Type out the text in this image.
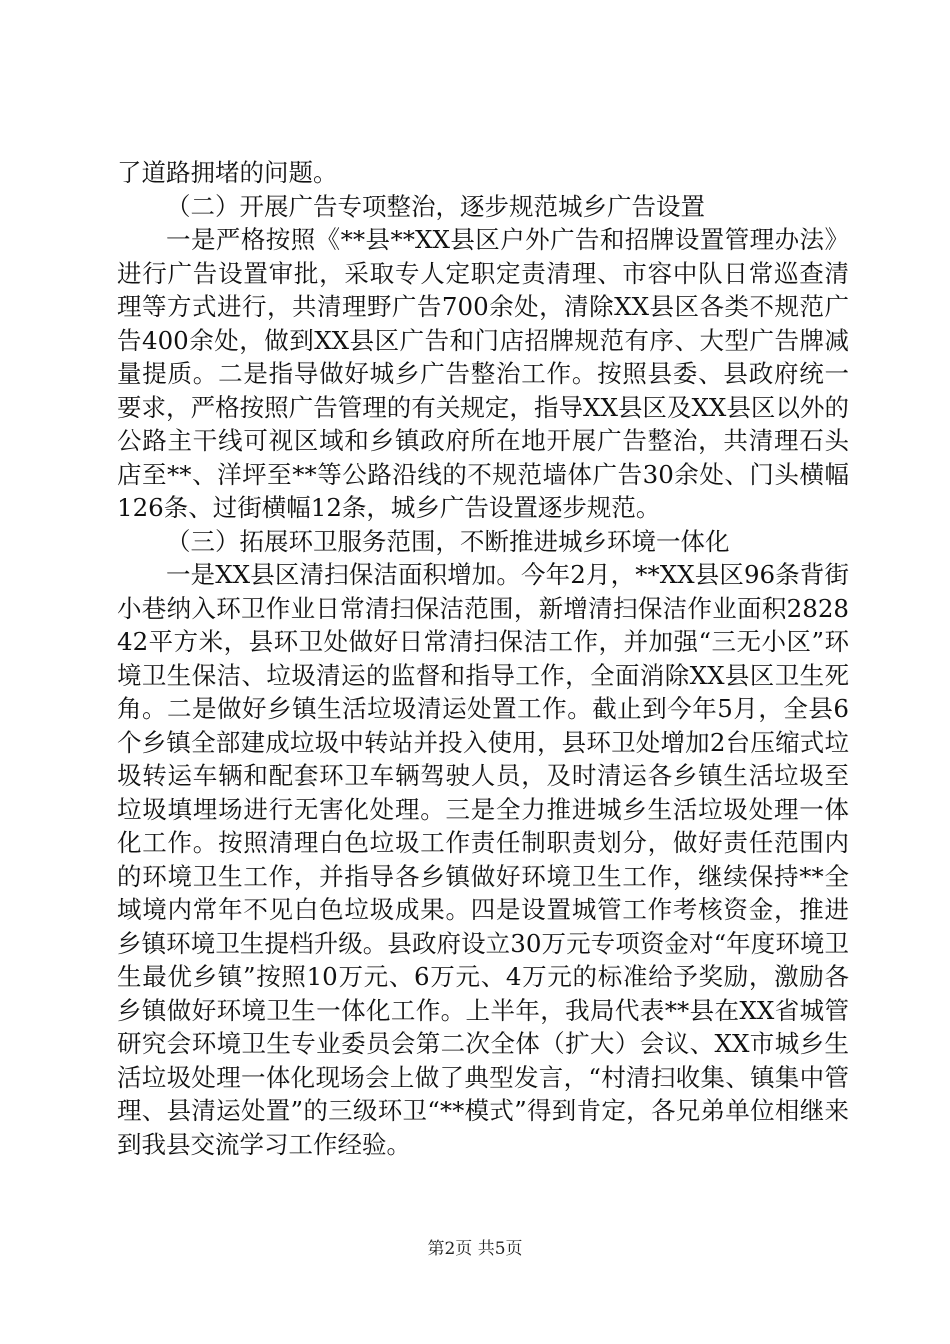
了道路拥堵的问题。

（二）开展广告专项整治，逐步规范城乡广告设置

一是严格按照《**县**XX县区户外广告和招牌设置管理办法》进行广告设置审批，采取专人定职定责清理、市容中队日常巡查清理等方式进行，共清理野广告700余处，清除XX县区各类不规范广告400余处，做到XX县区广告和门店招牌规范有序、大型广告牌减量提质。二是指导做好城乡广告整治工作。按照县委、县政府统一要求，严格按照广告管理的有关规定，指导XX县区及XX县区以外的公路主干线可视区域和乡镇政府所在地开展广告整治，共清理石头店至**、洋坪至**等公路沿线的不规范墙体广告30余处、门头横幅126条、过街横幅12条，城乡广告设置逐步规范。

（三）拓展环卫服务范围，不断推进城乡环境一体化

一是XX县区清扫保洁面积增加。今年2月，**XX县区96条背街小巷纳入环卫作业日常清扫保洁范围，新增清扫保洁作业面积282842平方米，县环卫处做好日常清扫保洁工作，并加强“三无小区”环境卫生保洁、垃圾清运的监督和指导工作，全面消除XX县区卫生死角。二是做好乡镇生活垃圾清运处置工作。截止到今年5月，全县6个乡镇全部建成垃圾中转站并投入使用，县环卫处增加2台压缩式垃圾转运车辆和配套环卫车辆驾驶人员，及时清运各乡镇生活垃圾至垃圾填埋场进行无害化处理。三是全力推进城乡生活垃圾处理一体化工作。按照清理白色垃圾工作责任制职责划分，做好责任范围内的环境卫生工作，并指导各乡镇做好环境卫生工作，继续保持**全域境内常年不见白色垃圾成果。四是设置城管工作考核资金，推进乡镇环境卫生提档升级。县政府设立30万元专项资金对“年度环境卫生最优乡镇”按照10万元、6万元、4万元的标准给予奖励，激励各乡镇做好环境卫生一体化工作。上半年，我局代表**县在XX省城管研究会环境卫生专业委员会第二次全体（扩大）会议、XX市城乡生活垃圾处理一体化现场会上做了典型发言，“村清扫收集、镇集中管理、县清运处置”的三级环卫“**模式”得到肯定，各兄弟单位相继来到我县交流学习工作经验。

第2页 共5页
